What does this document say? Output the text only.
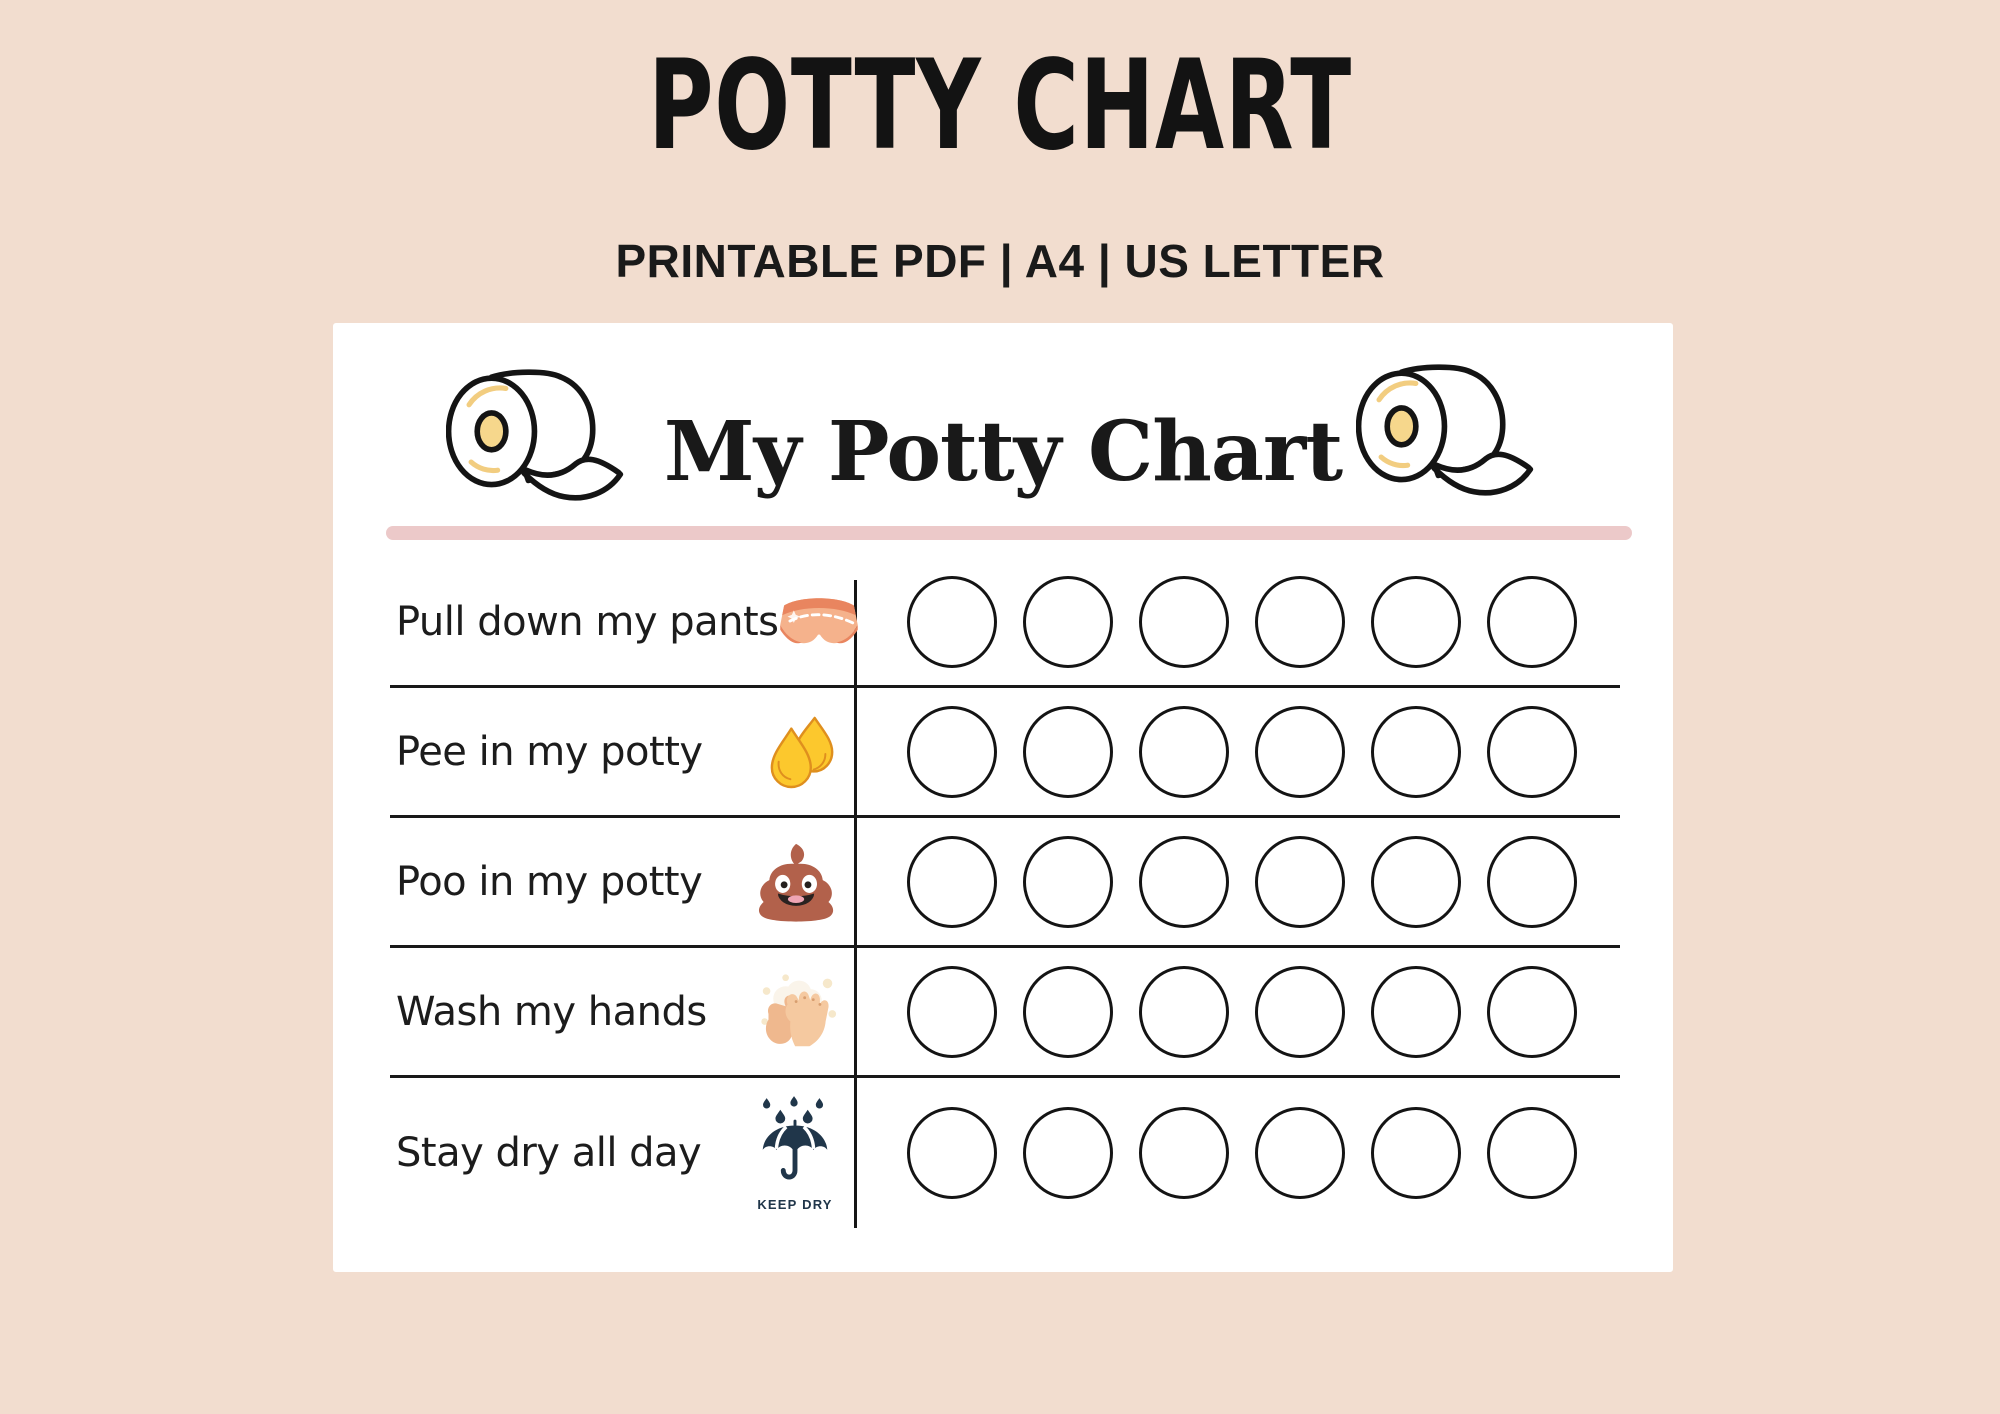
POTTY CHART
PRINTABLE PDF | A4 | US LETTER
My Potty Chart
Pull down my pants
Pee in my potty
Poo in my potty
Wash my hands
Stay dry all day
KEEP DRY
